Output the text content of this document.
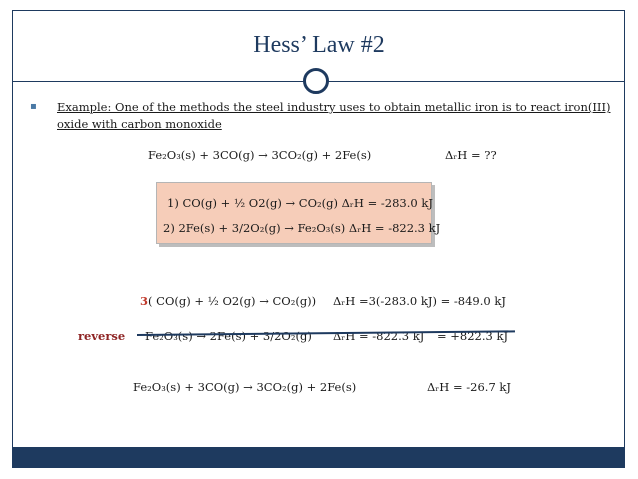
Hess’ Law #2
▪ Example: One of the methods the steel industry uses to obtain metallic iron is to react iron(III) oxide with carbon monoxide
Fe₂O₃(s) + 3CO(g) → 3CO₂(g) + 2Fe(s)	ΔᵣH = ??
1) CO(g) + ½ O2(g) → CO₂(g) ΔᵣH = -283.0 kJ
2) 2Fe(s) + 3/2O₂(g) → Fe₂O₃(s) ΔᵣH = -822.3 kJ
3( CO(g) + ½ O2(g) → CO₂(g)) ΔᵣH =3(-283.0 kJ) = -849.0 kJ
reverse Fe₂O₃(s) → 2Fe(s) + 3/2O₂(g) ΔᵣH = -822.3 kJ = +822.3 kJ
Fe₂O₃(s) + 3CO(g) → 3CO₂(g) + 2Fe(s)	ΔᵣH = -26.7 kJ
